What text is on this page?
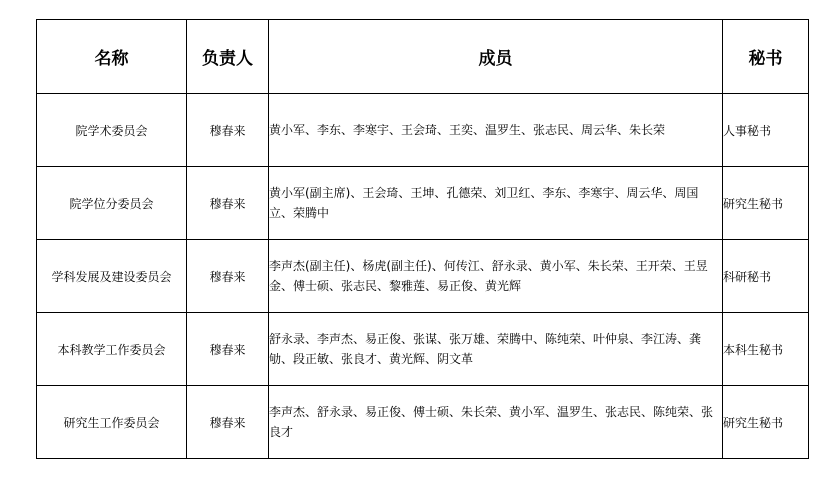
名称	负责人	成员	秘书
院学术委员会	穆春来	黄小军、李东、李寒宇、王会琦、王奕、温罗生、张志民、周云华、朱长荣	人事秘书
院学位分委员会	穆春来	黄小军(副主席)、王会琦、王坤、孔德荣、刘卫红、李东、李寒宇、周云华、周国立、荣腾中	研究生秘书
学科发展及建设委员会	穆春来	李声杰(副主任)、杨虎(副主任)、何传江、舒永录、黄小军、朱长荣、王开荣、王昱金、傅士硕、张志民、黎雅莲、易正俊、黄光辉	科研秘书
本科教学工作委员会	穆春来	舒永录、李声杰、易正俊、张谋、张万雄、荣腾中、陈纯荣、叶仲泉、李江涛、龚劬、段正敏、张良才、黄光辉、阴文革	本科生秘书
研究生工作委员会	穆春来	李声杰、舒永录、易正俊、傅士硕、朱长荣、黄小军、温罗生、张志民、陈纯荣、张良才	研究生秘书
